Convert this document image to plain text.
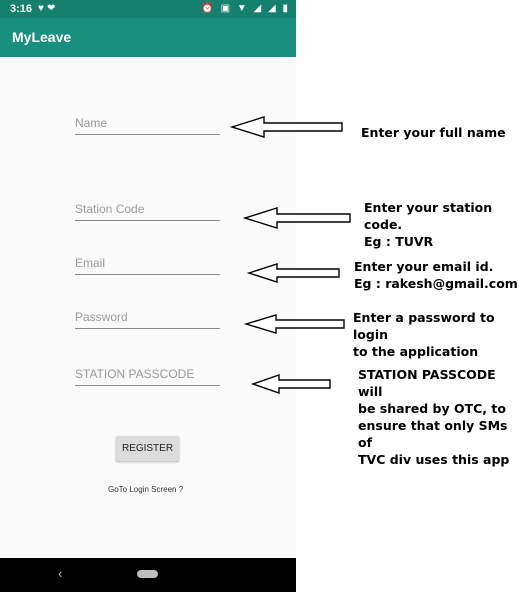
3:16 ♥❤	⏰ ▣ ▼ ◢ ◢ ▮
MyLeave
Name
Station Code
Email
Password
STATION PASSCODE
REGISTER
GoTo Login Screen ?
‹
Enter your full name
Enter your station code.
Eg : TUVR
Enter your email id.
Eg : rakesh@gmail.com
Enter a password to login
to the application
STATION PASSCODE will
be shared by OTC, to
ensure that only SMs of
TVC div uses this app
